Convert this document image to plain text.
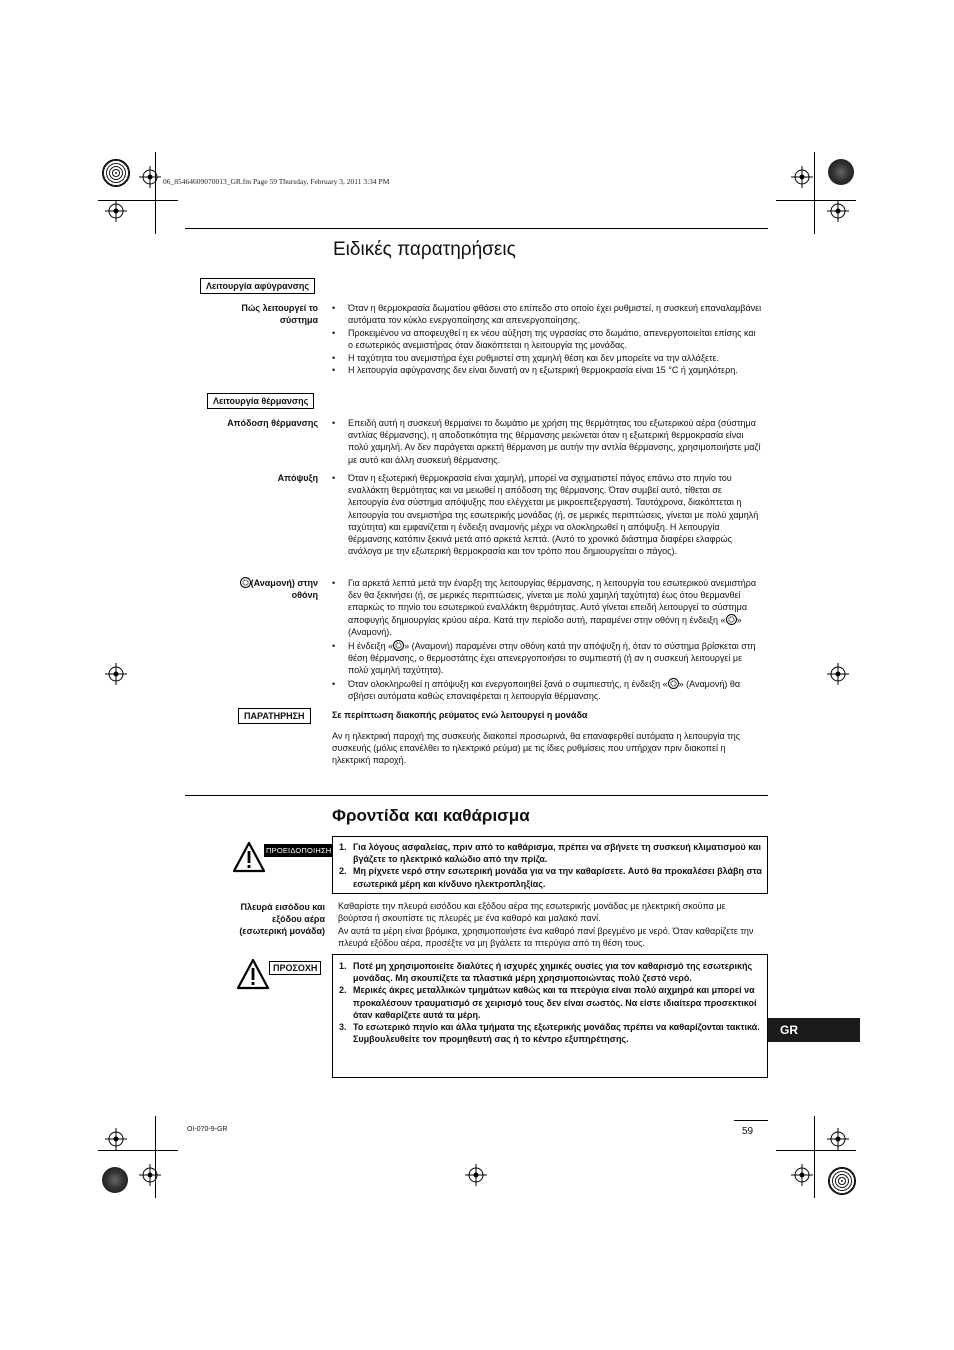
06_85464609070013_GR.fm Page 59 Thursday, February 3, 2011 3:34 PM
Ειδικές παρατηρήσεις
Λειτουργία αφύγρανσης
Πώς λειτουργεί το σύστημα
• Όταν η θερμοκρασία δωματίου φθάσει στο επίπεδο στο οποίο έχει ρυθμιστεί, η συσκευή επαναλαμβάνει αυτόματα τον κύκλο ενεργοποίησης και απενεργοποίησης.
• Προκειμένου να αποφευχθεί η εκ νέου αύξηση της υγρασίας στο δωμάτιο, απενεργοποιείται επίσης και ο εσωτερικός ανεμιστήρας όταν διακόπτεται η λειτουργία της μονάδας.
• Η ταχύτητα του ανεμιστήρα έχει ρυθμιστεί στη χαμηλή θέση και δεν μπορείτε να την αλλάξετε.
• Η λειτουργία αφύγρανσης δεν είναι δυνατή αν η εξωτερική θερμοκρασία είναι 15 °C ή χαμηλότερη.
Λειτουργία θέρμανσης
Απόδοση θέρμανσης • Επειδή αυτή η συσκευή θερμαίνει το δωμάτιο με χρήση της θερμότητας του εξωτερικού αέρα (σύστημα αντλίας θέρμανσης), η αποδοτικότητα της θέρμανσης μειώνεται όταν η εξωτερική θερμοκρασία είναι πολύ χαμηλή. Αν δεν παράγεται αρκετή θέρμανση με αυτήν την αντλία θέρμανσης, χρησιμοποιήστε μαζί με αυτό και άλλη συσκευή θέρμανσης.
Απόψυξη • Όταν η εξωτερική θερμοκρασία είναι χαμηλή, μπορεί να σχηματιστεί πάγος επάνω στο πηνίο του εναλλάκτη θερμότητας και να μειωθεί η απόδοση της θέρμανσης. Όταν συμβεί αυτό, τίθεται σε λειτουργία ένα σύστημα απόψυξης που ελέγχεται με μικροεπεξεργαστή. Ταυτόχρονα, διακόπτεται η λειτουργία του ανεμιστήρα της εσωτερικής μονάδας (ή, σε μερικές περιπτώσεις, γίνεται με πολύ χαμηλή ταχύτητα) και εμφανίζεται η ένδειξη αναμονής μέχρι να ολοκληρωθεί η απόψυξη. Η λειτουργία θέρμανσης κατόπιν ξεκινά μετά από αρκετά λεπτά. (Αυτό το χρονικό διάστημα διαφέρει ελαφρώς ανάλογα με την εξωτερική θερμοκρασία και τον τρόπο που δημιουργείται ο πάγος).
(Αναμονή) στην
οθόνη
• Για αρκετά λεπτά μετά την έναρξη της λειτουργίας θέρμανσης, η λειτουργία του εσωτερικού ανεμιστήρα δεν θα ξεκινήσει (ή, σε μερικές περιπτώσεις, γίνεται με πολύ χαμηλή ταχύτητα) έως ότου θερμανθεί επαρκώς το πηνίο του εσωτερικού εναλλάκτη θερμότητας. Αυτό γίνεται επειδή λειτουργεί το σύστημα αποφυγής δημιουργίας κρύου αέρα. Κατά την περίοδο αυτή, παραμένει στην οθόνη η ένδειξη « » (Αναμονή).
• Η ένδειξη « » (Αναμονή) παραμένει στην οθόνη κατά την απόψυξη ή, όταν το σύστημα βρίσκεται στη θέση θέρμανσης, ο θερμοστάτης έχει απενεργοποιήσει το συμπιεστή (ή αν η συσκευή λειτουργεί με πολύ χαμηλή ταχύτητα).
• Όταν ολοκληρωθεί η απόψυξη και ενεργοποιηθεί ξανά ο συμπιεστής, η ένδειξη « » (Αναμονή) θα σβήσει αυτόματα καθώς επαναφέρεται η λειτουργία θέρμανσης.
ΠΑΡΑΤΗΡΗΣΗ	Σε περίπτωση διακοπής ρεύματος ενώ λειτουργεί η μονάδα
Αν η ηλεκτρική παροχή της συσκευής διακοπεί προσωρινά, θα επαναφερθεί αυτόματα η λειτουργία της συσκευής (μόλις επανέλθει το ηλεκτρικό ρεύμα) με τις ίδιες ρυθμίσεις που υπήρχαν πριν διακοπεί η ηλεκτρική παροχή.
Φροντίδα και καθάρισμα
ΠΡΟΕΙΔΟΠΟΙΗΣΗ 1. Για λόγους ασφαλείας, πριν από το καθάρισμα, πρέπει να σβήνετε τη συσκευή κλιματισμού και βγάζετε το ηλεκτρικό καλώδιο από την πρίζα.
2. Μη ρίχνετε νερό στην εσωτερική μονάδα για να την καθαρίσετε. Αυτό θα προκαλέσει βλάβη στα εσωτερικά μέρη και κίνδυνο ηλεκτροπληξίας.
Πλευρά εισόδου και
εξόδου αέρα
(εσωτερική μονάδα)
Καθαρίστε την πλευρά εισόδου και εξόδου αέρα της εσωτερικής μονάδας με ηλεκτρική σκούπα με βούρτσα ή σκουπίστε τις πλευρές με ένα καθαρό και μαλακό πανί.
Αν αυτά τα μέρη είναι βρόμικα, χρησιμοποιήστε ένα καθαρό πανί βρεγμένο με νερό. Όταν καθαρίζετε την πλευρά εξόδου αέρα, προσέξτε να μη βγάλετε τα πτερύγια από τη θέση τους.
ΠΡΟΣΟΧΗ	1. Ποτέ μη χρησιμοποιείτε διαλύτες ή ισχυρές χημικές ουσίες για τον καθαρισμό της εσωτερικής μονάδας. Μη σκουπίζετε τα πλαστικά μέρη χρησιμοποιώντας πολύ ζεστό νερό.
2. Μερικές άκρες μεταλλικών τμημάτων καθώς και τα πτερύγια είναι πολύ αιχμηρά και μπορεί να προκαλέσουν τραυματισμό σε χειρισμό τους δεν είναι σωστός. Να είστε ιδιαίτερα προσεκτικοί όταν καθαρίζετε αυτά τα μέρη.
3. Το εσωτερικό πηνίο και άλλα τμήματα της εξωτερικής μονάδας πρέπει να καθαρίζονται τακτικά. Συμβουλευθείτε τον προμηθευτή σας ή το κέντρο εξυπηρέτησης.
GR
59
OI-070-9-GR
